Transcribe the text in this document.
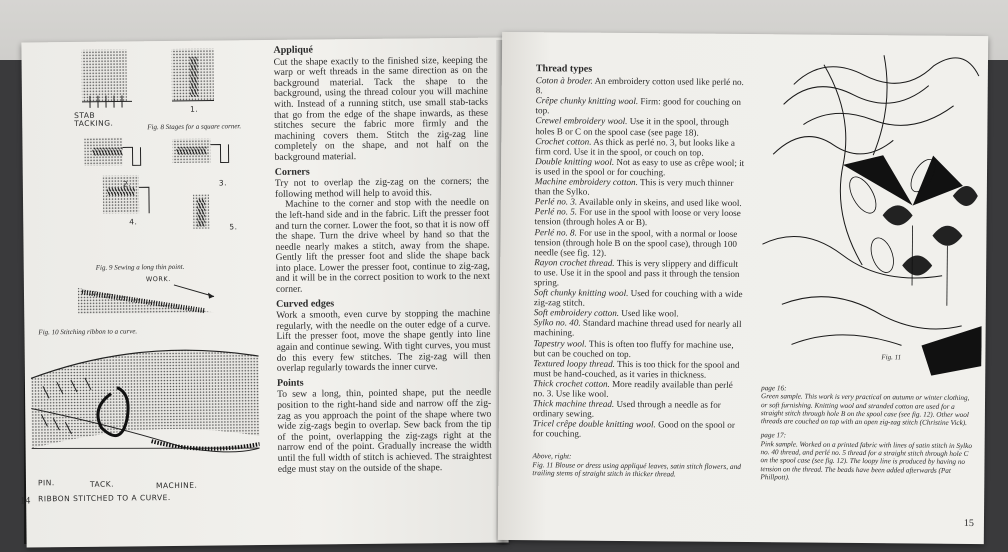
STAB TACKING.
1.
Fig. 8 Stages for a square corner.
2.	3.
4.
5.
Fig. 9 Sewing a long thin point.
WORK.
Fig. 10 Stitching ribbon to a curve.
PIN.	TACK.	MACHINE.
RIBBON STITCHED TO A CURVE.
14
Appliqué

Cut the shape exactly to the finished size, keeping the warp or weft threads in the same direction as on the background material. Tack the shape to the background, using the thread colour you will machine with. Instead of a running stitch, use small stab-tacks that go from the edge of the shape inwards, as these stitches secure the fabric more firmly and the machining covers them. Stitch the zig-zag line completely on the shape, and not half on the background material.

Corners

Try not to overlap the zig-zag on the corners; the following method will help to avoid this.

Machine to the corner and stop with the needle on the left-hand side and in the fabric. Lift the presser foot and turn the corner. Lower the foot, so that it is now off the shape. Turn the drive wheel by hand so that the needle nearly makes a stitch, away from the shape. Gently lift the presser foot and slide the shape back into place. Lower the presser foot, continue to zig-zag, and it will be in the correct position to work to the next corner.

Curved edges

Work a smooth, even curve by stopping the machine regularly, with the needle on the outer edge of a curve. Lift the presser foot, move the shape gently into line again and continue sewing. With tight curves, you must do this every few stitches. The zig-zag will then overlap regularly towards the inner curve.

Points

To sew a long, thin, pointed shape, put the needle position to the right-hand side and narrow off the zig-zag as you approach the point of the shape where two wide zig-zags begin to overlap. Sew back from the tip of the point, overlapping the zig-zags right at the narrow end of the point. Gradually increase the width until the full width of stitch is achieved. The straightest edge must stay on the outside of the shape.

Thread types

Coton à broder. An embroidery cotton used like perlé no. 8.

Crêpe chunky knitting wool. Firm: good for couching on top.

Crewel embroidery wool. Use it in the spool, through holes B or C on the spool case (see page 18).

Crochet cotton. As thick as perlé no. 3, but looks like a firm cord. Use it in the spool, or couch on top.

Double knitting wool. Not as easy to use as crêpe wool; it is used in the spool or for couching.

Machine embroidery cotton. This is very much thinner than the Sylko.

Perlé no. 3. Available only in skeins, and used like wool.

Perlé no. 5. For use in the spool with loose or very loose tension (through holes A or B).

Perlé no. 8. For use in the spool, with a normal or loose tension (through hole B on the spool case), through 100 needle (see fig. 12).

Rayon crochet thread. This is very slippery and difficult to use. Use it in the spool and pass it through the tension spring.

Soft chunky knitting wool. Used for couching with a wide zig-zag stitch.

Soft embroidery cotton. Used like wool.

Sylko no. 40. Standard machine thread used for nearly all machining.

Tapestry wool. This is often too fluffy for machine use, but can be couched on top.

Textured loopy thread. This is too thick for the spool and must be hand-couched, as it varies in thickness.

Thick crochet cotton. More readily available than perlé no. 3. Use like wool.

Thick machine thread. Used through a needle as for ordinary sewing.

Tricel crêpe double knitting wool. Good on the spool or for couching.

Above, right:

Fig. 11 Blouse or dress using appliqué leaves, satin stitch flowers, and trailing stems of straight stitch in thicker thread.

Fig. 11

page 16:
Green sample. This work is very practical on autumn or winter clothing, or soft furnishing. Knitting wool and stranded cotton are used for a straight stitch through hole B on the spool case (see fig. 12). Other wool threads are couched on top with an open zig-zag stitch (Christine Vick).

page 17:
Pink sample. Worked on a printed fabric with lines of satin stitch in Sylko no. 40 thread, and perlé no. 5 thread for a straight stitch through hole C on the spool case (see fig. 12). The loopy line is produced by having no tension on the thread. The beads have been added afterwards (Pat Phillpott).

15
